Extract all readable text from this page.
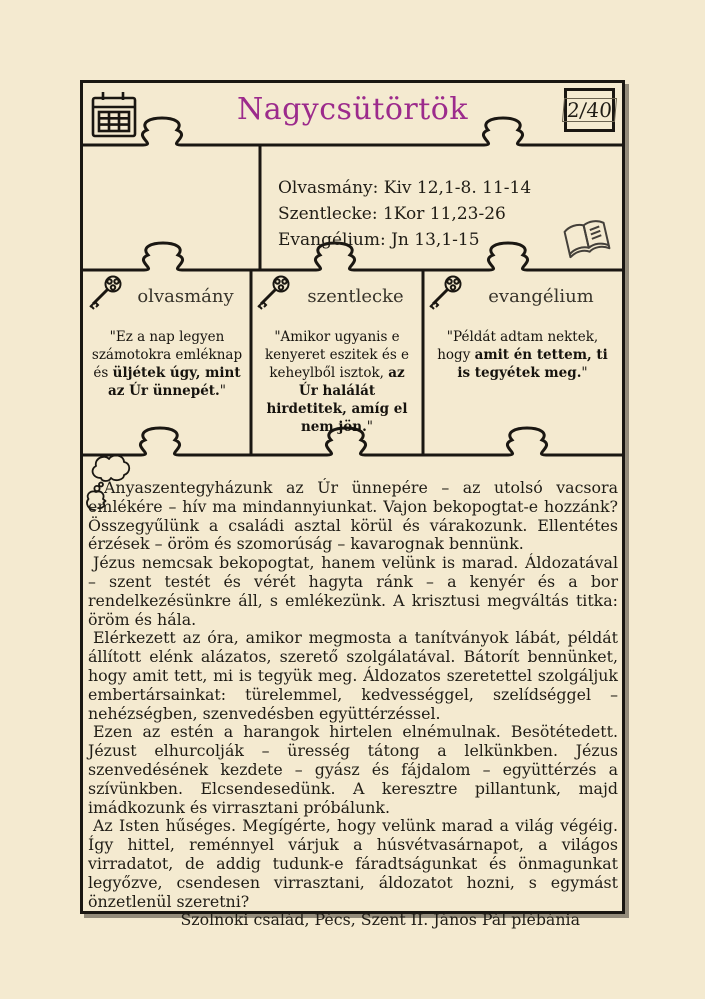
Nagycsütörtök	2/40
Olvasmány: Kiv 12,1-8. 11-14
Szentlecke: 1Kor 11,23-26
Evangélium: Jn 13,1-15
olvasmány
"Ez a nap legyen számotokra emléknap és üljétek úgy, mint az Úr ünnepét."
szentlecke
"Amikor ugyanis e kenyeret eszitek és e keheylből isztok, az Úr halálát hirdetitek, amíg el nem jön."
evangélium
"Példát adtam nektek, hogy amit én tettem, ti is tegyétek meg."

Anyaszentegyházunk az Úr ünnepére – az utolsó vacsora emlékére – hív ma mindannyiunkat. Vajon bekopogtat-e hozzánk? Összegyűlünk a családi asztal körül és várakozunk. Ellentétes érzések – öröm és szomorúság – kavarognak bennünk.

Jézus nemcsak bekopogtat, hanem velünk is marad. Áldozatával – szent testét és vérét hagyta ránk – a kenyér és a bor rendelkezésünkre áll, s emlékezünk. A krisztusi megváltás titka: öröm és hála.

Elérkezett az óra, amikor megmosta a tanítványok lábát, példát állított elénk alázatos, szerető szolgálatával. Bátorít bennünket, hogy amit tett, mi is tegyük meg. Áldozatos szeretettel szolgáljuk embertársainkat: türelemmel, kedvességgel, szelídséggel – nehézségben, szenvedésben együttérzéssel.

Ezen az estén a harangok hirtelen elnémulnak. Besötétedett. Jézust elhurcolják – üresség tátong a lelkünkben. Jézus szenvedésének kezdete – gyász és fájdalom – együttérzés a szívünkben. Elcsendesedünk. A keresztre pillantunk, majd imádkozunk és virrasztani próbálunk.

Az Isten hűséges. Megígérte, hogy velünk marad a világ végéig. Így hittel, reménnyel várjuk a húsvétvasárnapot, a világos virradatot, de addig tudunk-e fáradtságunkat és önmagunkat legyőzve, csendesen virrasztani, áldozatot hozni, s egymást önzetlenül szeretni?

Szolnoki család, Pécs, Szent II. János Pál plébánia
